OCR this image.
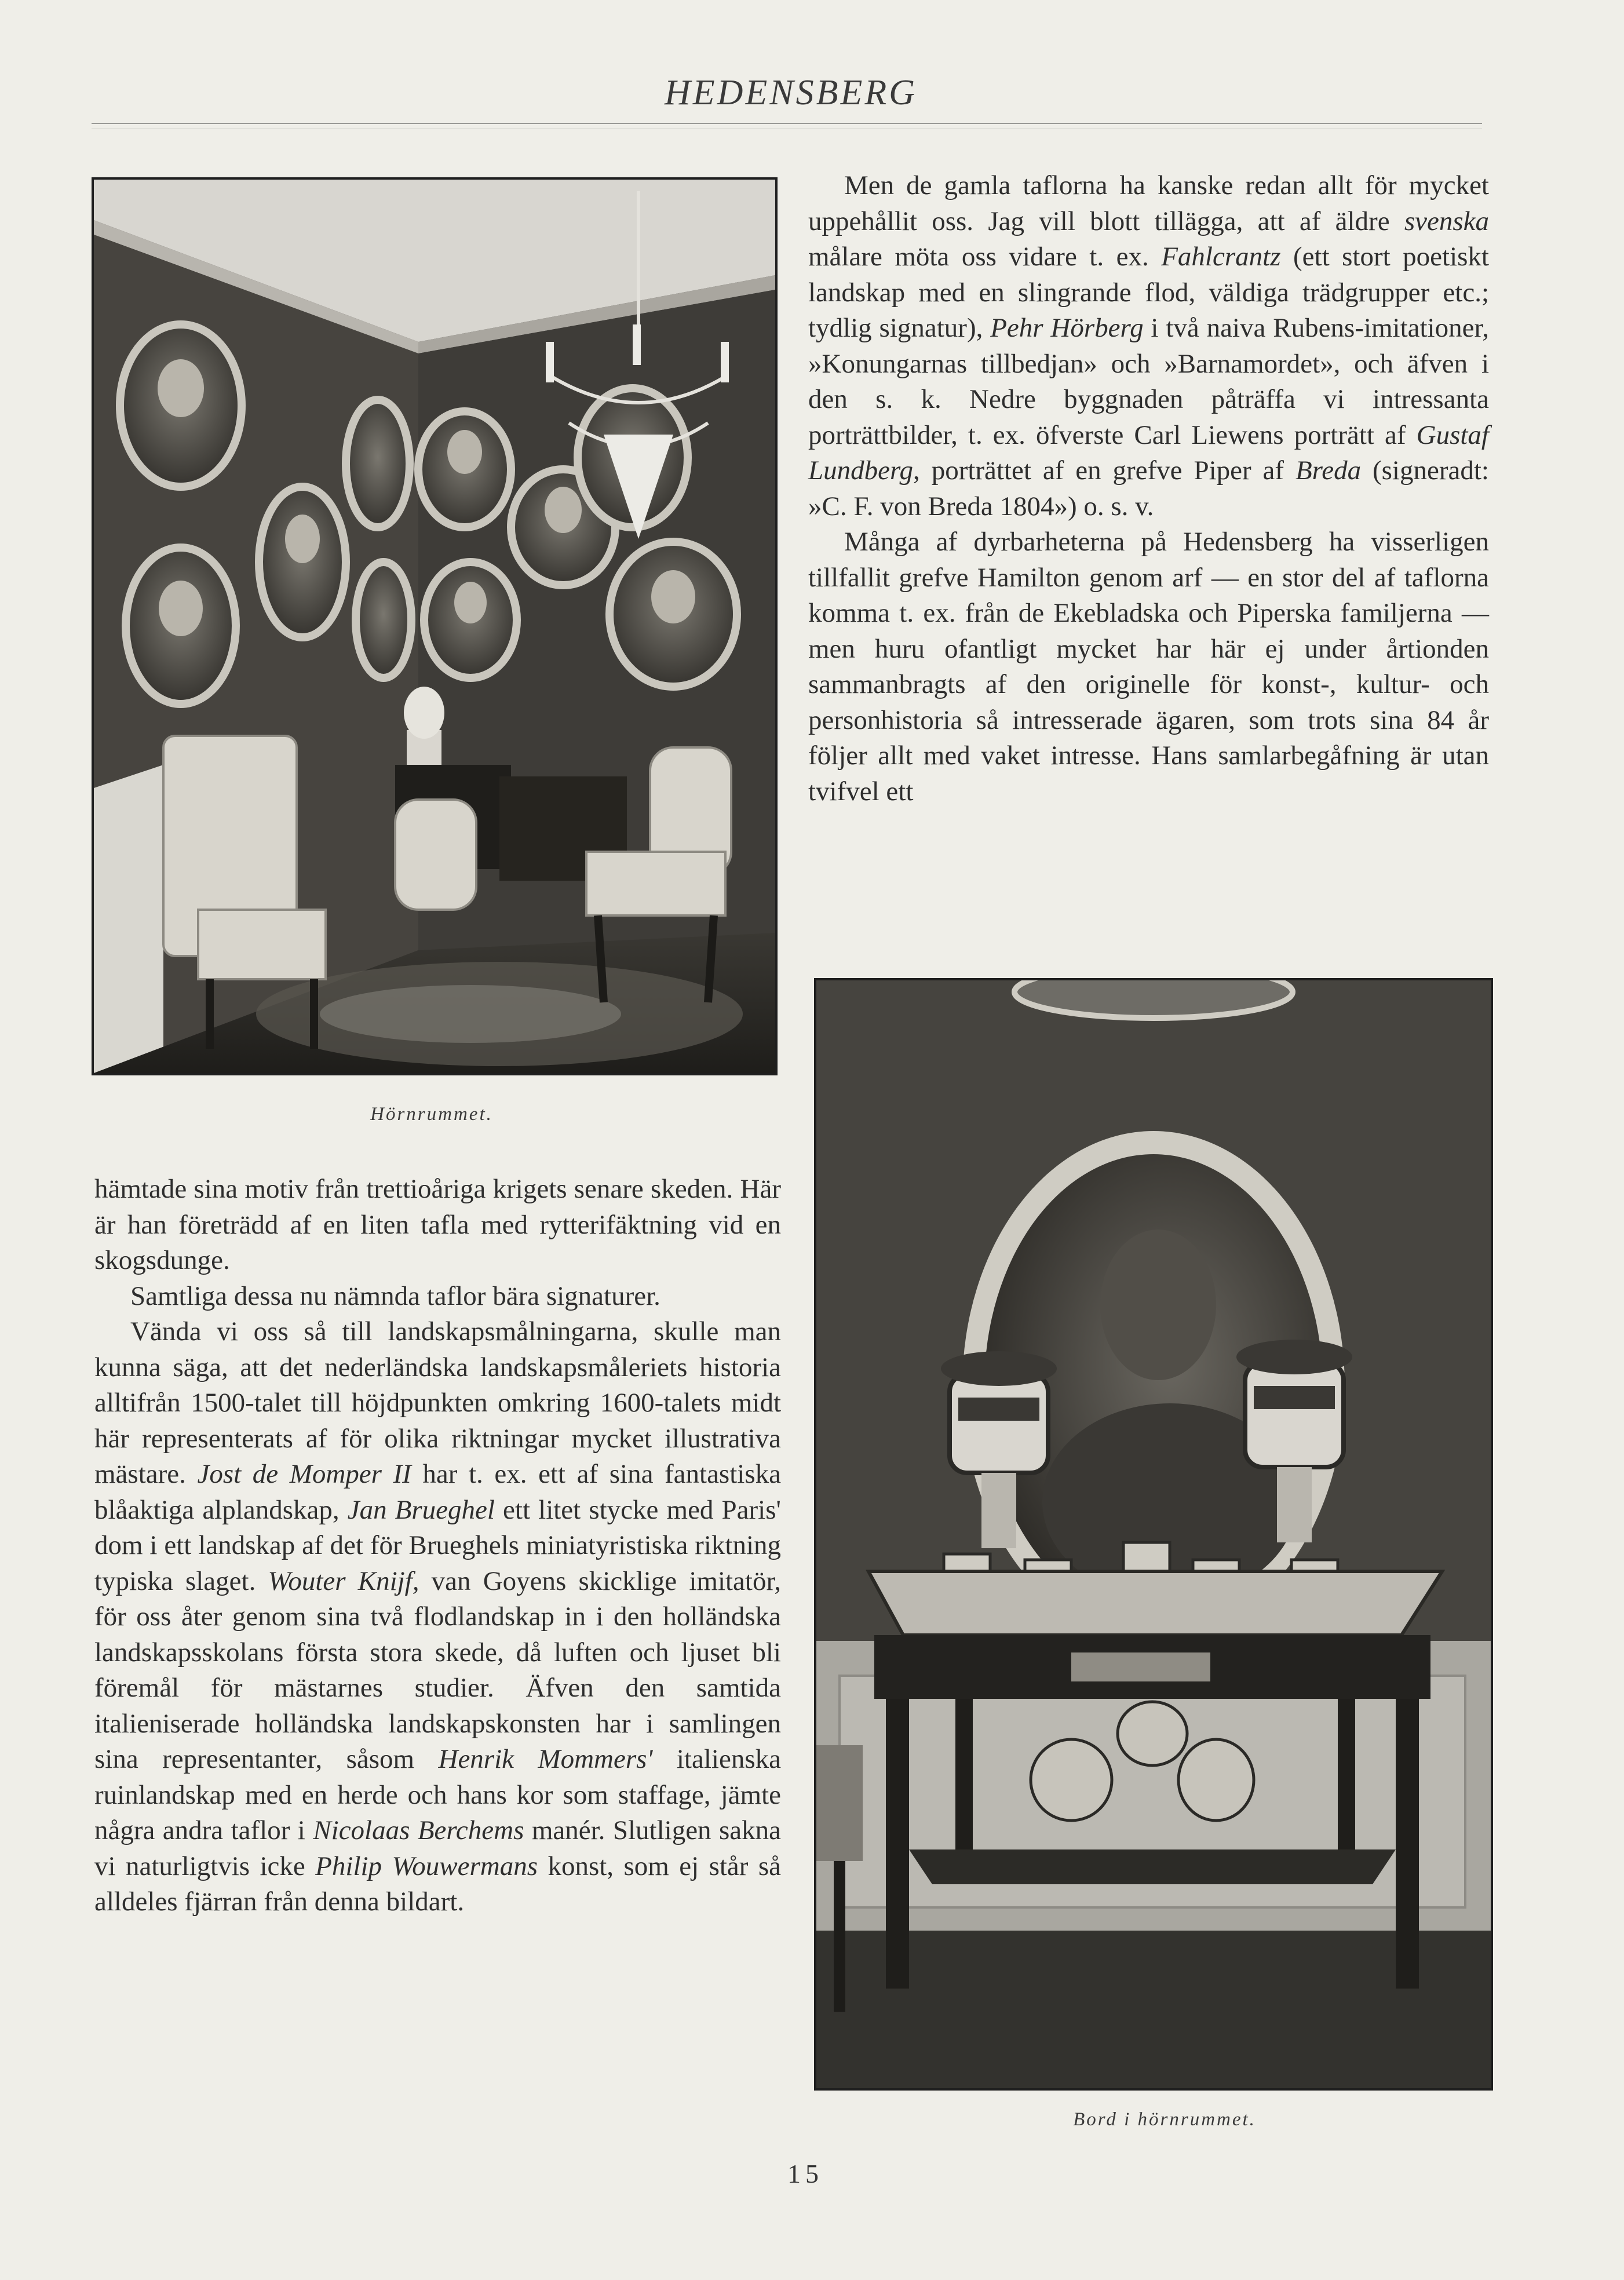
HEDENSBERG
Hörnrummet.
Bord i hörnrummet.

Men de gamla taflorna ha kanske redan allt för mycket uppehållit oss. Jag vill blott tillägga, att af äldre svenska målare möta oss vidare t. ex. Fahlcrantz (ett stort poetiskt landskap med en slingrande flod, väldiga trädgrupper etc.; tydlig signatur), Pehr Hörberg i två naiva Rubens-imitationer, »Konungarnas tillbedjan» och »Barnamordet», och äfven i den s. k. Nedre byggnaden påträffa vi intressanta porträttbilder, t. ex. öfverste Carl Liewens porträtt af Gustaf Lundberg, porträttet af en grefve Piper af Breda (signeradt: »C. F. von Breda 1804») o. s. v.

Många af dyrbarheterna på Hedensberg ha visserligen tillfallit grefve Hamilton genom arf — en stor del af taflorna komma t. ex. från de Ekebladska och Piperska familjerna — men huru ofantligt mycket har här ej under årtionden sammanbragts af den originelle för konst-, kultur- och personhistoria så intresserade ägaren, som trots sina 84 år följer allt med vaket intresse. Hans samlarbegåfning är utan tvifvel ett

hämtade sina motiv från trettioåriga krigets senare skeden. Här är han företrädd af en liten tafla med rytterifäktning vid en skogsdunge.

Samtliga dessa nu nämnda taflor bära signaturer.

Vända vi oss så till landskapsmålningarna, skulle man kunna säga, att det nederländska landskapsmåleriets historia alltifrån 1500-talet till höjdpunkten omkring 1600-talets midt här representerats af för olika riktningar mycket illustrativa mästare. Jost de Momper II har t. ex. ett af sina fantastiska blåaktiga alplandskap, Jan Brueghel ett litet stycke med Paris' dom i ett landskap af det för Brueghels miniatyristiska riktning typiska slaget. Wouter Knijf, van Goyens skicklige imitatör, för oss åter genom sina två flodlandskap in i den holländska landskapsskolans första stora skede, då luften och ljuset bli föremål för mästarnes studier. Äfven den samtida italieniserade holländska landskapskonsten har i samlingen sina representanter, såsom Henrik Mommers' italienska ruinlandskap med en herde och hans kor som staffage, jämte några andra taflor i Nicolaas Berchems manér. Slutligen sakna vi naturligtvis icke Philip Wouwermans konst, som ej står så alldeles fjärran från denna bildart.

15
